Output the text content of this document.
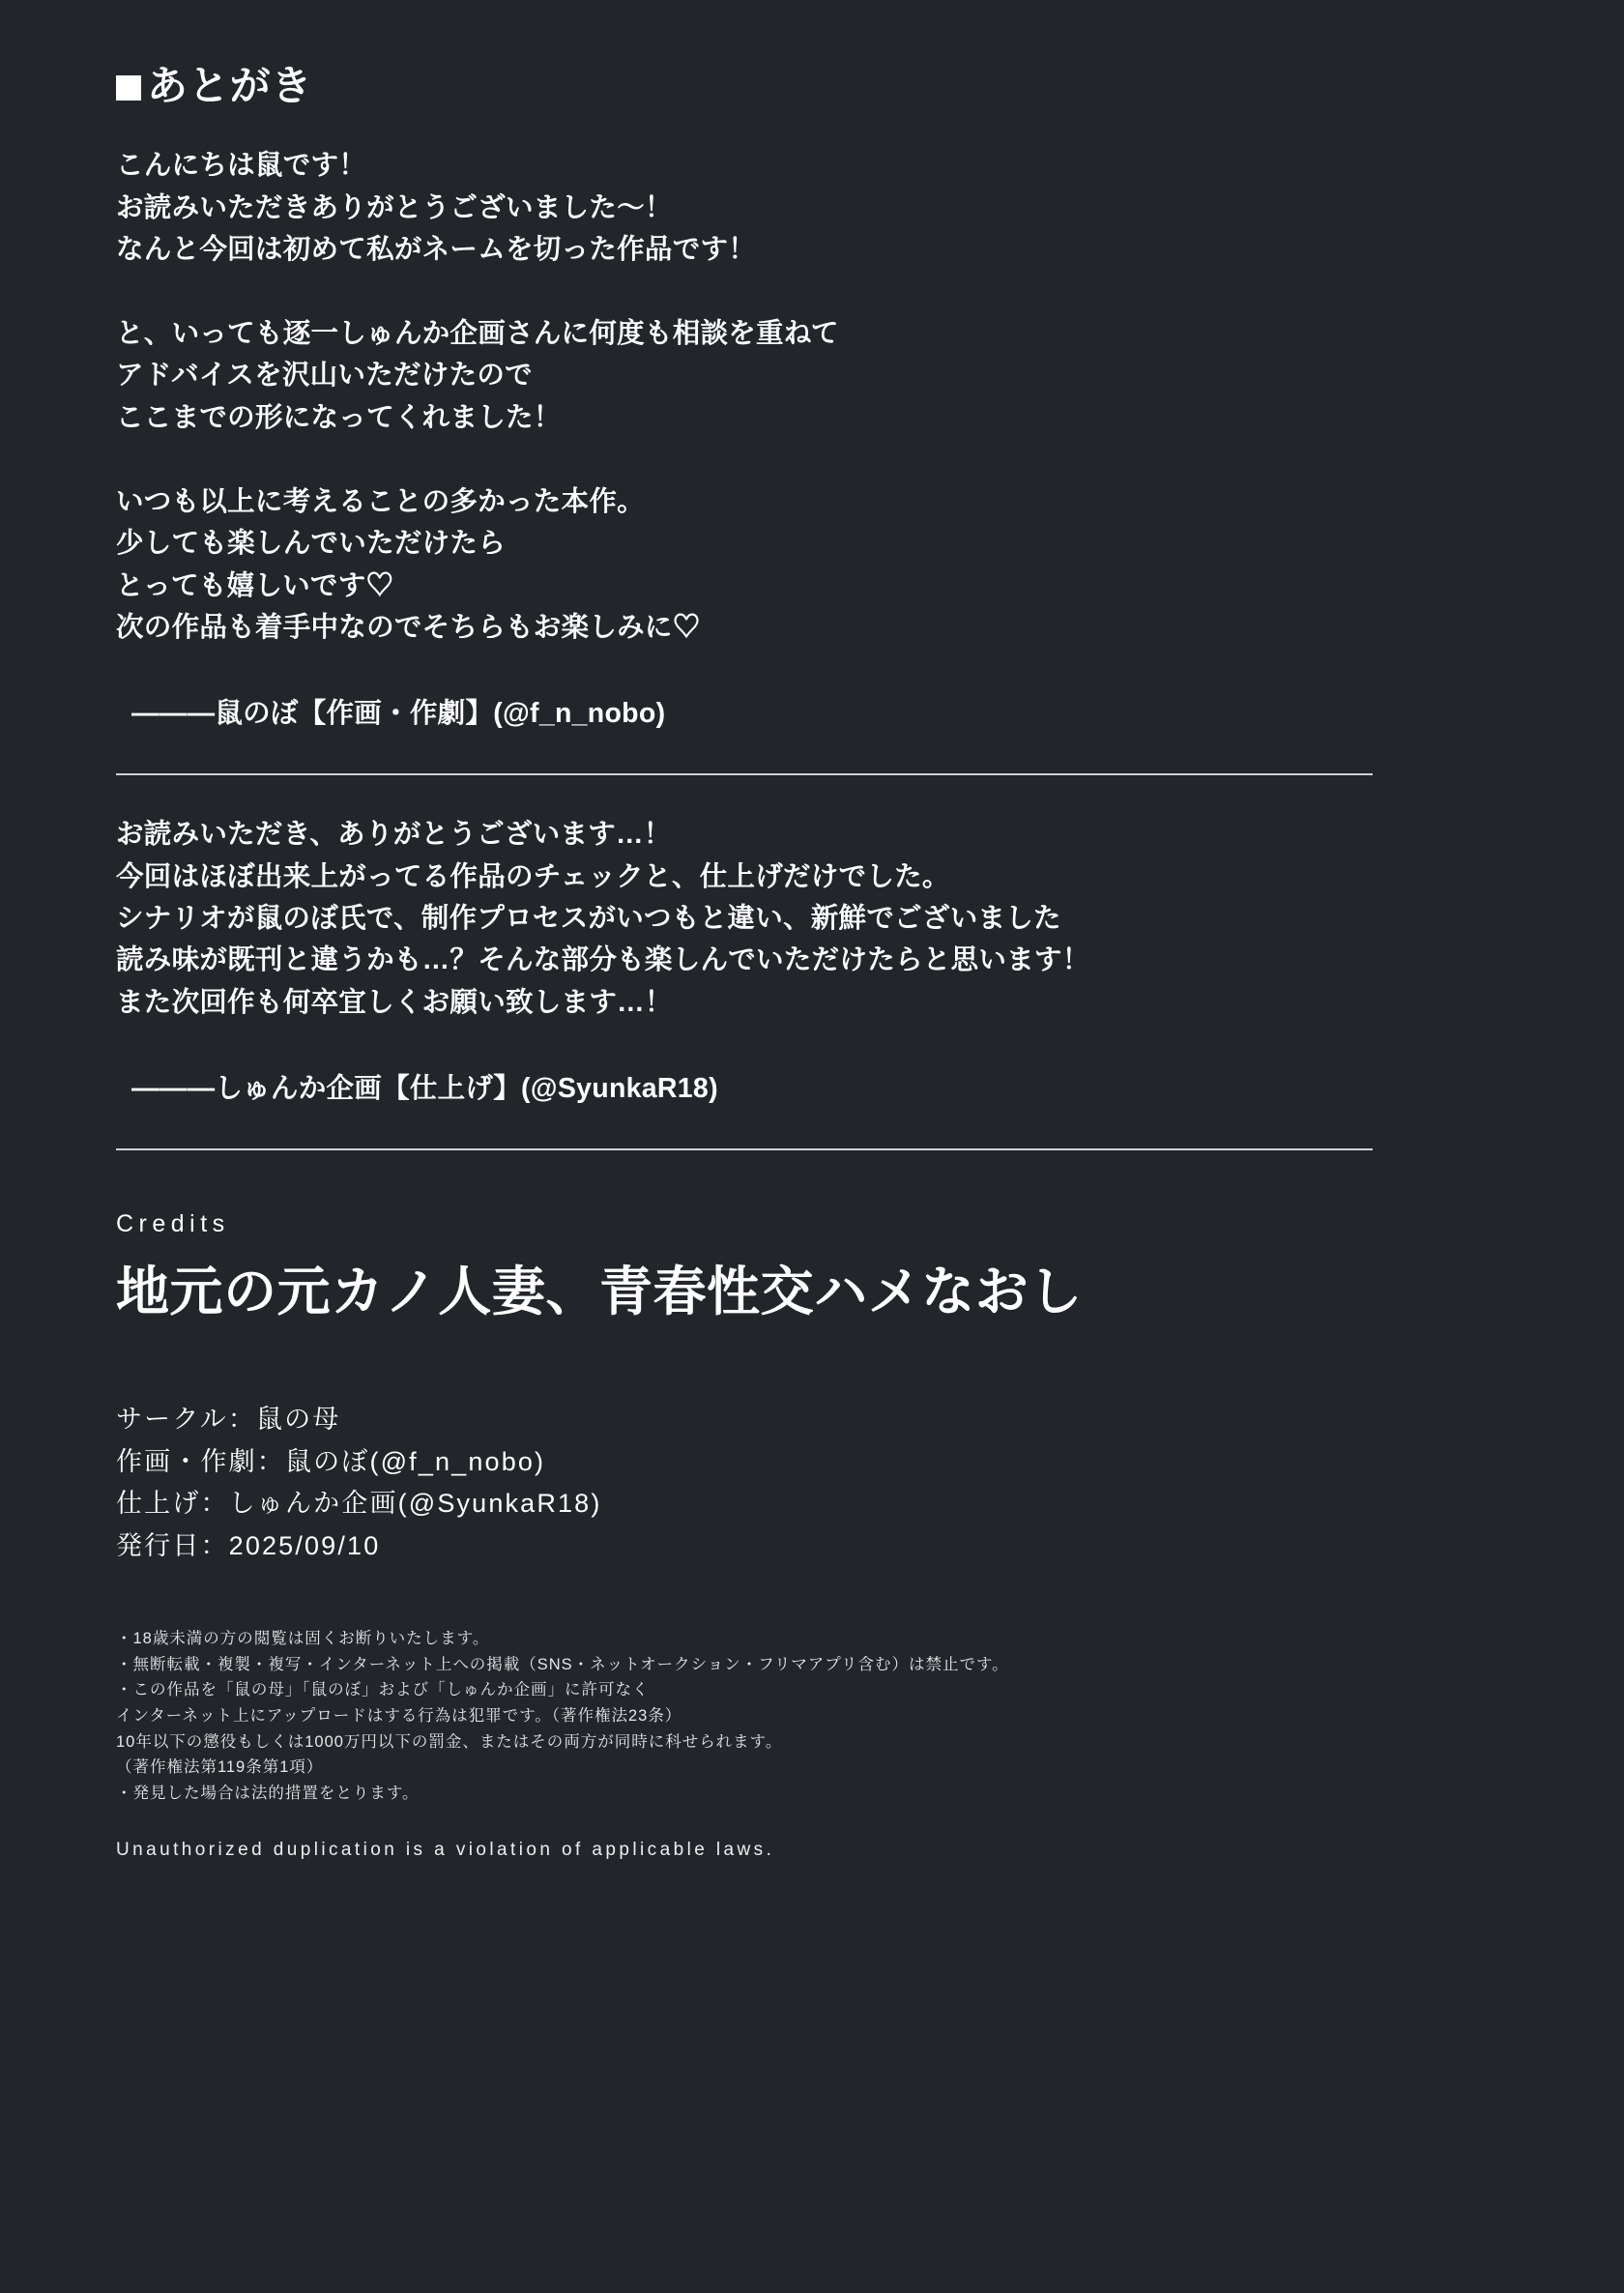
あとがき
こんにちは鼠です！
お読みいただきありがとうございました〜！
なんと今回は初めて私がネームを切った作品です！
と、いっても逐一しゅんか企画さんに何度も相談を重ねて
アドバイスを沢山いただけたので
ここまでの形になってくれました！
いつも以上に考えることの多かった本作。
少しても楽しんでいただけたら
とっても嬉しいです♡
次の作品も着手中なのでそちらもお楽しみに♡
―――鼠のぼ【作画・作劇】(@f_n_nobo)
お読みいただき、ありがとうございます…！
今回はほぼ出来上がってる作品のチェックと、仕上げだけでした。
シナリオが鼠のぼ氏で、制作プロセスがいつもと違い、新鮮でございました
読み味が既刊と違うかも…？そんな部分も楽しんでいただけたらと思います！
また次回作も何卒宜しくお願い致します…！
―――しゅんか企画【仕上げ】(@SyunkaR18)
Credits
地元の元カノ人妻、青春性交ハメなおし
サークル：鼠の母
作画・作劇：鼠のぼ(@f_n_nobo)
仕上げ：しゅんか企画(@SyunkaR18)
発行日：2025/09/10
・18歳未満の方の閲覧は固くお断りいたします。
・無断転載・複製・複写・インターネット上への掲載（SNS・ネットオークション・フリマアプリ含む）は禁止です。
・この作品を「鼠の母」「鼠のぼ」および「しゅんか企画」に許可なく
インターネット上にアップロードはする行為は犯罪です。（著作権法23条）
10年以下の懲役もしくは1000万円以下の罰金、またはその両方が同時に科せられます。
（著作権法第119条第1項）
・発見した場合は法的措置をとります。
Unauthorized duplication is a violation of applicable laws.
